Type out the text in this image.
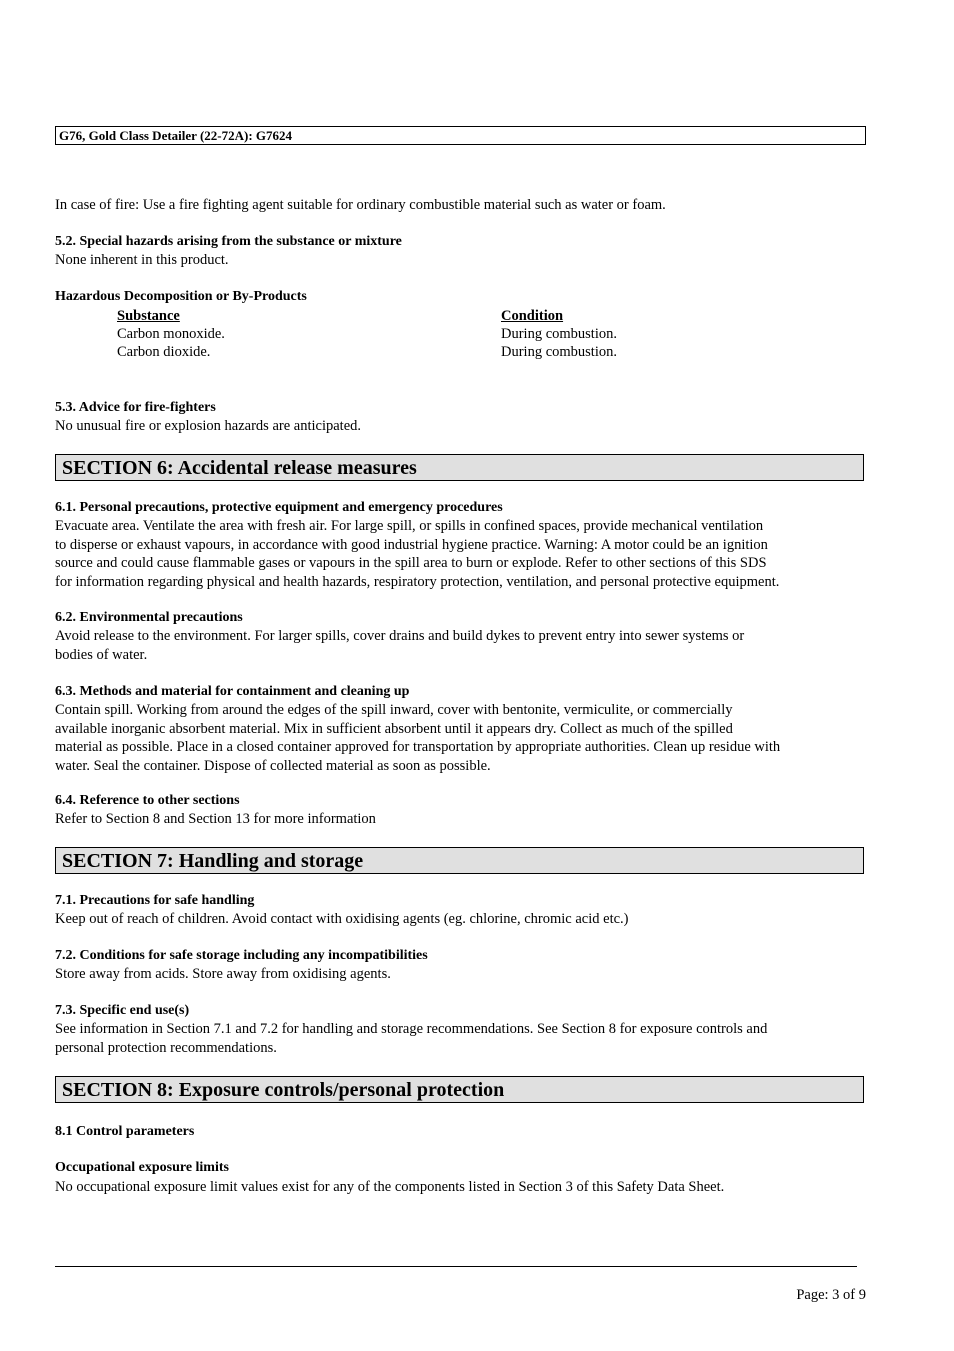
G76, Gold Class Detailer (22-72A): G7624
In case of fire: Use a fire fighting agent suitable for ordinary combustible material such as water or foam.
5.2. Special hazards arising from the substance or mixture
None inherent in this product.
Hazardous Decomposition or By-Products
Substance	Condition
Carbon monoxide.	During combustion.
Carbon dioxide.	During combustion.
5.3. Advice for fire-fighters
No unusual fire or explosion hazards are anticipated.
SECTION 6: Accidental release measures
6.1. Personal precautions, protective equipment and emergency procedures
Evacuate area. Ventilate the area with fresh air. For large spill, or spills in confined spaces, provide mechanical ventilation
to disperse or exhaust vapours, in accordance with good industrial hygiene practice. Warning: A motor could be an ignition
source and could cause flammable gases or vapours in the spill area to burn or explode. Refer to other sections of this SDS
for information regarding physical and health hazards, respiratory protection, ventilation, and personal protective equipment.
6.2. Environmental precautions
Avoid release to the environment. For larger spills, cover drains and build dykes to prevent entry into sewer systems or
bodies of water.
6.3. Methods and material for containment and cleaning up
Contain spill. Working from around the edges of the spill inward, cover with bentonite, vermiculite, or commercially
available inorganic absorbent material. Mix in sufficient absorbent until it appears dry. Collect as much of the spilled
material as possible. Place in a closed container approved for transportation by appropriate authorities. Clean up residue with
water. Seal the container. Dispose of collected material as soon as possible.
6.4. Reference to other sections
Refer to Section 8 and Section 13 for more information
SECTION 7: Handling and storage
7.1. Precautions for safe handling
Keep out of reach of children. Avoid contact with oxidising agents (eg. chlorine, chromic acid etc.)
7.2. Conditions for safe storage including any incompatibilities
Store away from acids. Store away from oxidising agents.
7.3. Specific end use(s)
See information in Section 7.1 and 7.2 for handling and storage recommendations. See Section 8 for exposure controls and
personal protection recommendations.
SECTION 8: Exposure controls/personal protection
8.1 Control parameters
Occupational exposure limits
No occupational exposure limit values exist for any of the components listed in Section 3 of this Safety Data Sheet.
Page: 3 of 9
